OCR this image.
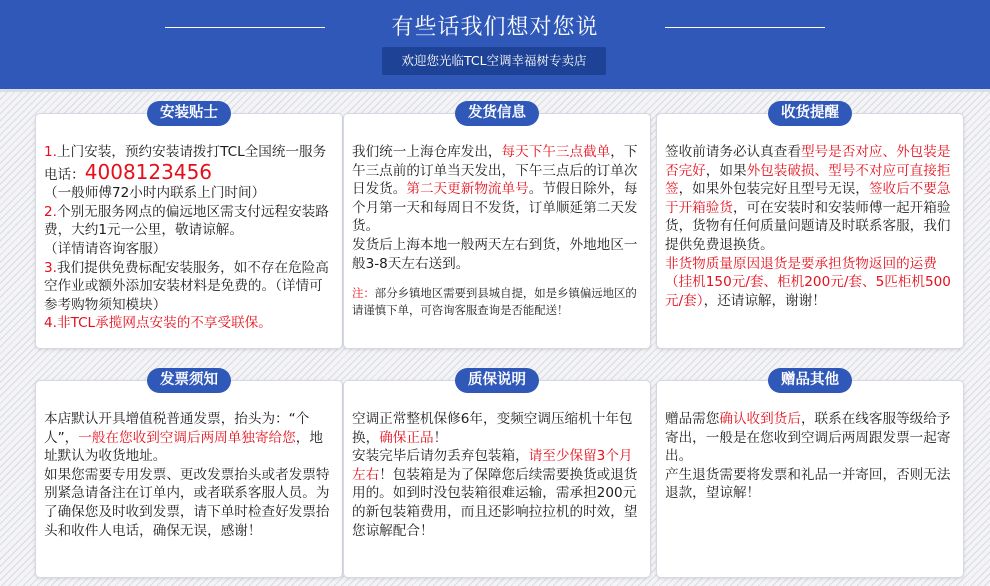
有些话我们想对您说
欢迎您光临TCL空调幸福树专卖店
安装贴士
1.上门安装，预约安装请拨打TCL全国统一服务电话：4008123456
（一般师傅72小时内联系上门时间）
2.个别无服务网点的偏远地区需支付远程安装路费，大约1元一公里，敬请谅解。
（详情请咨询客服）
3.我们提供免费标配安装服务，如不存在危险高空作业或额外添加安装材料是免费的。（详情可参考购物须知模块）
4.非TCL承揽网点安装的不享受联保。
发货信息
我们统一上海仓库发出，每天下午三点截单，下午三点前的订单当天发出，下午三点后的订单次日发货。第二天更新物流单号。节假日除外，每个月第一天和每周日不发货，订单顺延第二天发货。
发货后上海本地一般两天左右到货，外地地区一般3-8天左右送到。
注：部分乡镇地区需要到县城自提，如是乡镇偏远地区的请谨慎下单，可咨询客服查询是否能配送！
收货提醒
签收前请务必认真查看型号是否对应、外包装是否完好，如果外包装破损、型号不对应可直接拒签，如果外包装完好且型号无误，签收后不要急于开箱验货，可在安装时和安装师傅一起开箱验货，货物有任何质量问题请及时联系客服，我们提供免费退换货。
非货物质量原因退货是要承担货物返回的运费（挂机150元/套、柜机200元/套、5匹柜机500元/套），还请谅解，谢谢！
发票须知
本店默认开具增值税普通发票，抬头为：“个人”，一般在您收到空调后两周单独寄给您，地址默认为收货地址。
如果您需要专用发票、更改发票抬头或者发票特别紧急请备注在订单内，或者联系客服人员。为了确保您及时收到发票，请下单时检查好发票抬头和收件人电话，确保无误，感谢！
质保说明
空调正常整机保修6年，变频空调压缩机十年包换，确保正品！
安装完毕后请勿丢弃包装箱，请至少保留3个月左右！包装箱是为了保障您后续需要换货或退货用的。如到时没包装箱很难运输，需承担200元的新包装箱费用，而且还影响拉拉机的时效，望您谅解配合！
赠品其他
赠品需您确认收到货后，联系在线客服等级给予寄出，一般是在您收到空调后两周跟发票一起寄出。
产生退货需要将发票和礼品一并寄回，否则无法退款，望谅解！
